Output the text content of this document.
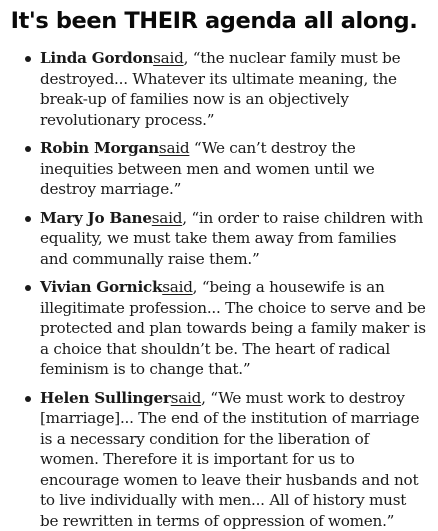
It's been THEIR agenda all along.
Linda Gordonsaid, “the nuclear family must be destroyed... Whatever its ultimate meaning, the break-up of families now is an objectively revolutionary process.”
Robin Morgansaid “We can’t destroy the inequities between men and women until we destroy marriage.”
Mary Jo Banesaid, “in order to raise children with equality, we must take them away from families and communally raise them.”
Vivian Gornicksaid, “being a housewife is an illegitimate profession... The choice to serve and be protected and plan towards being a family maker is a choice that shouldn’t be. The heart of radical feminism is to change that.”
Helen Sullingersaid, “We must work to destroy [marriage]... The end of the institution of marriage is a necessary condition for the liberation of women. Therefore it is important for us to encourage women to leave their husbands and not to live individually with men... All of history must be rewritten in terms of oppression of women.”
